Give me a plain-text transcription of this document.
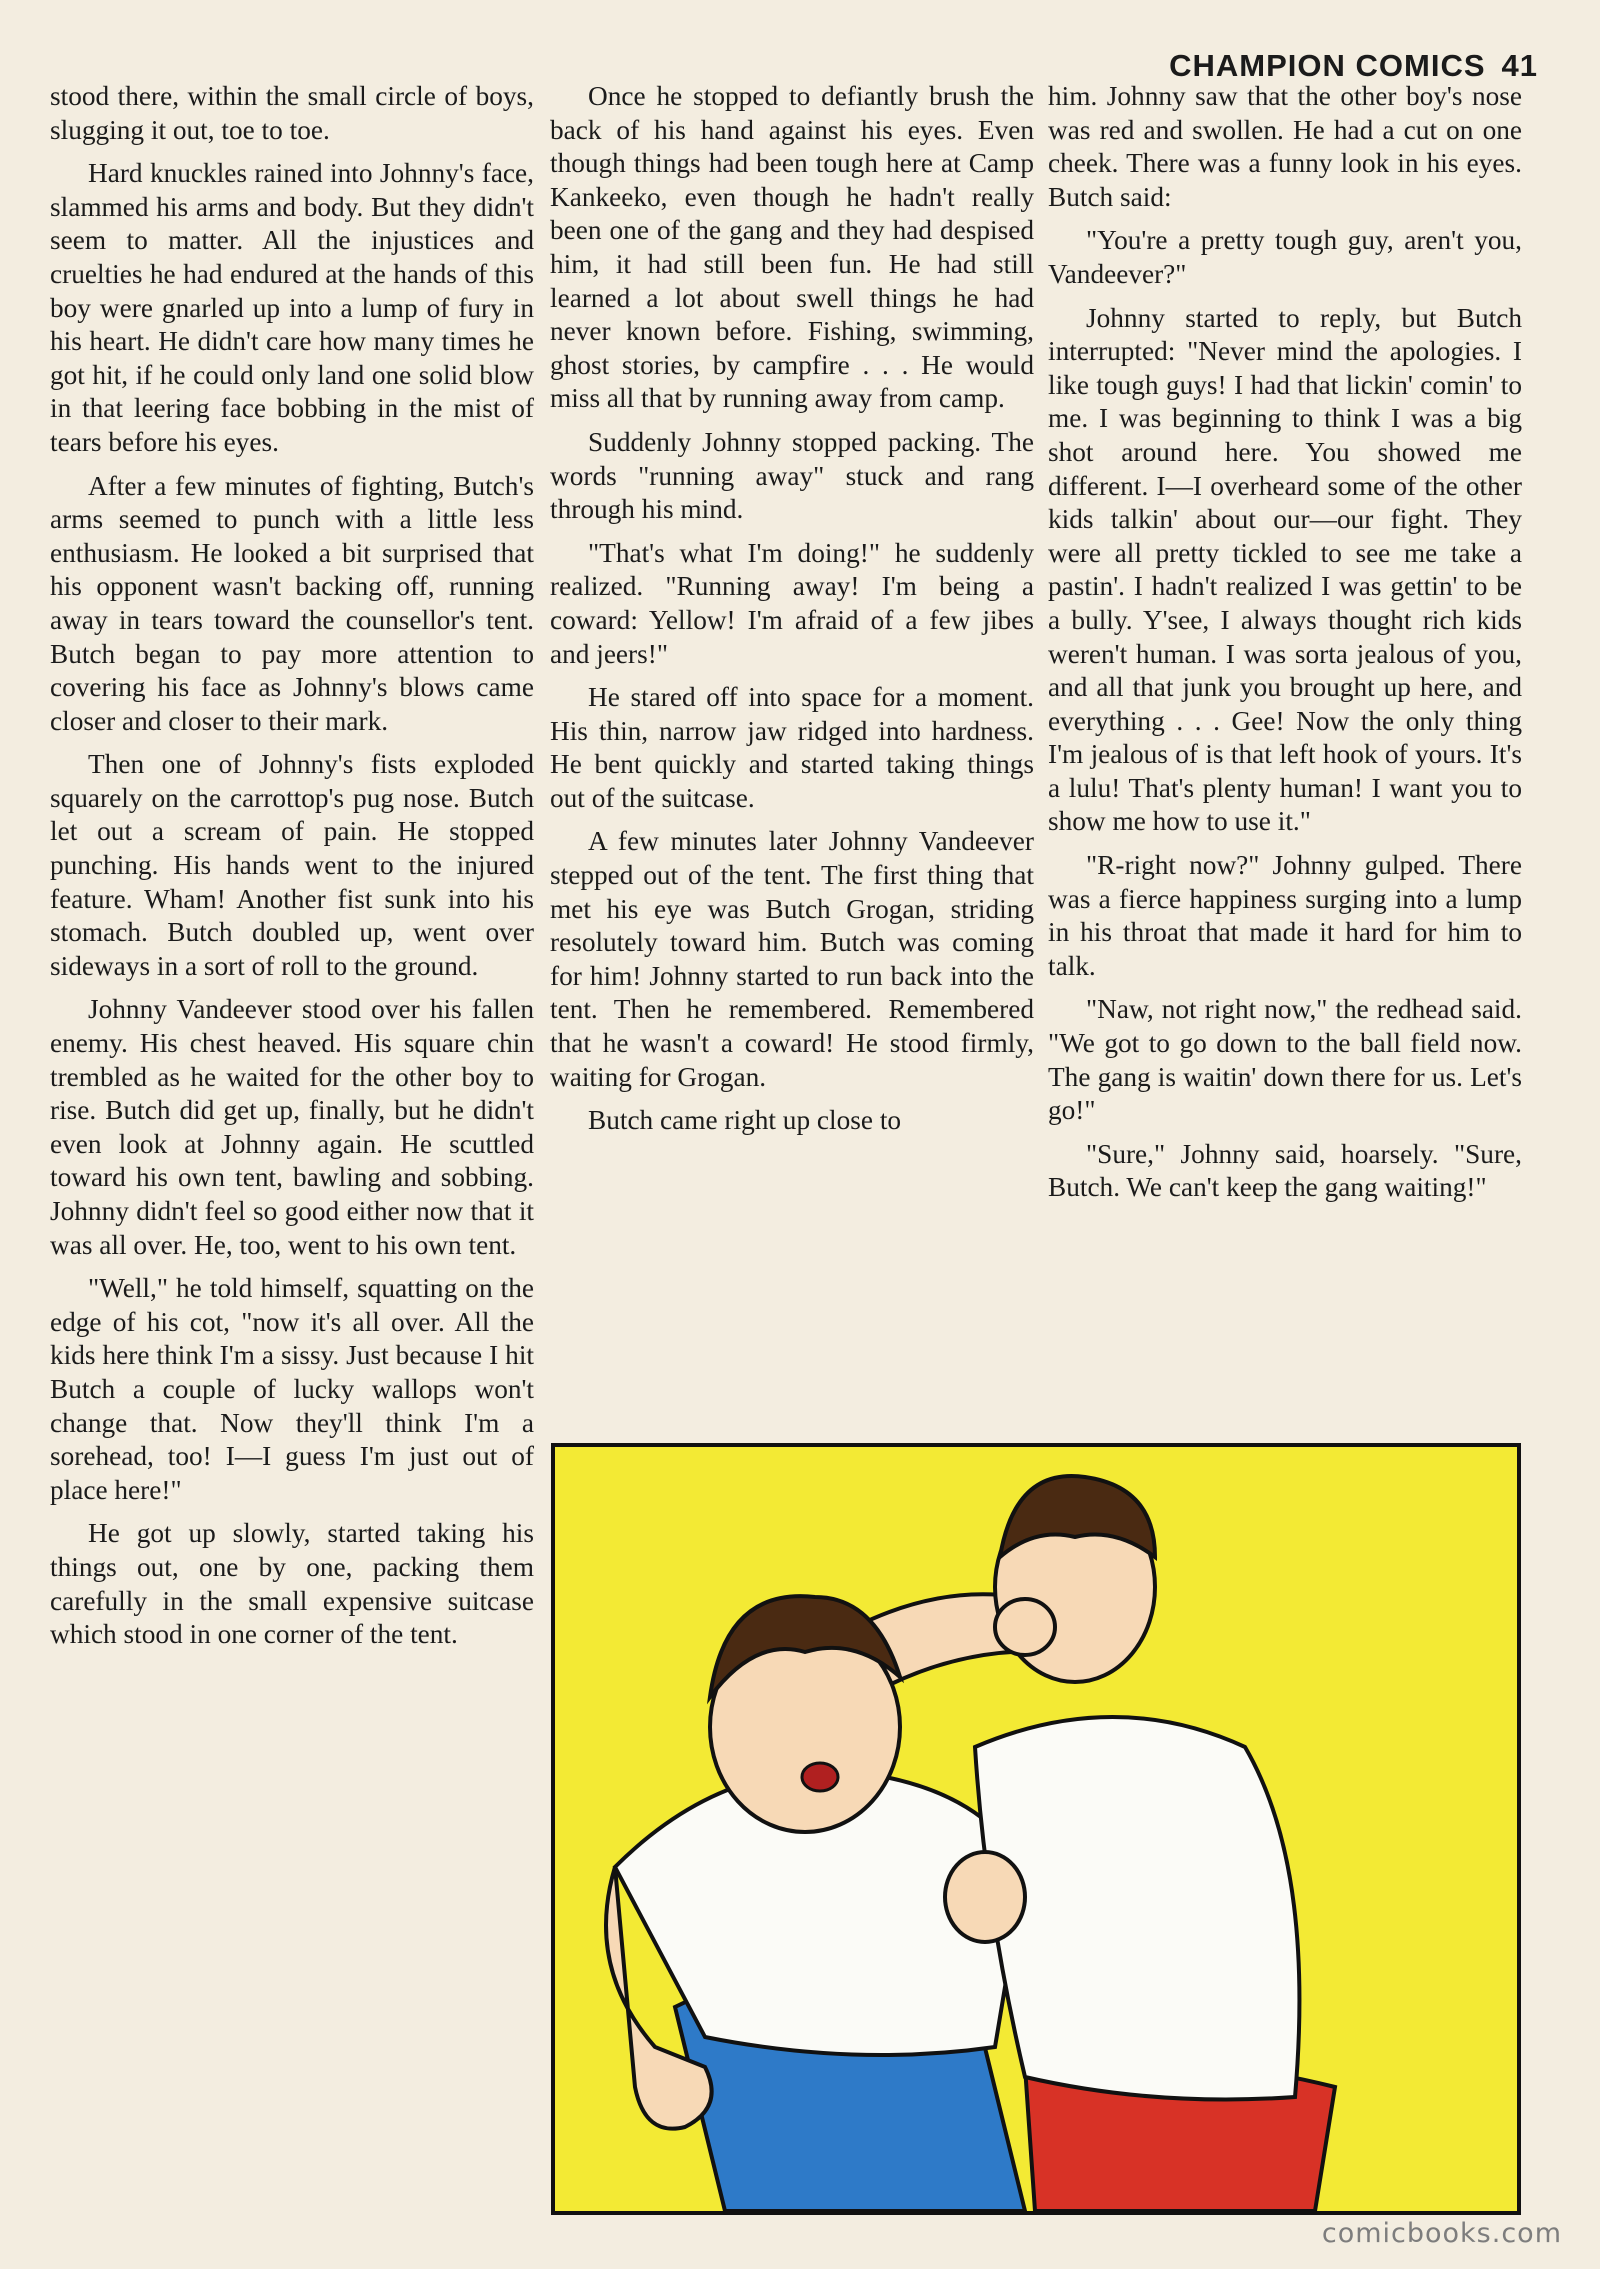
CHAMPION COMICS 41

stood there, within the small circle of boys, slugging it out, toe to toe.

Hard knuckles rained into Johnny's face, slammed his arms and body. But they didn't seem to matter. All the injustices and cruelties he had endured at the hands of this boy were gnarled up into a lump of fury in his heart. He didn't care how many times he got hit, if he could only land one solid blow in that leering face bobbing in the mist of tears before his eyes.

After a few minutes of fighting, Butch's arms seemed to punch with a little less enthusiasm. He looked a bit surprised that his opponent wasn't backing off, running away in tears toward the counsellor's tent. Butch began to pay more attention to covering his face as Johnny's blows came closer and closer to their mark.

Then one of Johnny's fists exploded squarely on the carrottop's pug nose. Butch let out a scream of pain. He stopped punching. His hands went to the injured feature. Wham! Another fist sunk into his stomach. Butch doubled up, went over sideways in a sort of roll to the ground.

Johnny Vandeever stood over his fallen enemy. His chest heaved. His square chin trembled as he waited for the other boy to rise. Butch did get up, finally, but he didn't even look at Johnny again. He scuttled toward his own tent, bawling and sobbing. Johnny didn't feel so good either now that it was all over. He, too, went to his own tent.

"Well," he told himself, squatting on the edge of his cot, "now it's all over. All the kids here think I'm a sissy. Just because I hit Butch a couple of lucky wallops won't change that. Now they'll think I'm a sorehead, too! I—I guess I'm just out of place here!"

He got up slowly, started taking his things out, one by one, packing them carefully in the small expensive suitcase which stood in one corner of the tent.

Once he stopped to defiantly brush the back of his hand against his eyes. Even though things had been tough here at Camp Kankeeko, even though he hadn't really been one of the gang and they had despised him, it had still been fun. He had still learned a lot about swell things he had never known before. Fishing, swimming, ghost stories, by campfire . . . He would miss all that by running away from camp.

Suddenly Johnny stopped packing. The words "running away" stuck and rang through his mind.

"That's what I'm doing!" he suddenly realized. "Running away! I'm being a coward: Yellow! I'm afraid of a few jibes and jeers!"

He stared off into space for a moment. His thin, narrow jaw ridged into hardness. He bent quickly and started taking things out of the suitcase.

A few minutes later Johnny Vandeever stepped out of the tent. The first thing that met his eye was Butch Grogan, striding resolutely toward him. Butch was coming for him! Johnny started to run back into the tent. Then he remembered. Remembered that he wasn't a coward! He stood firmly, waiting for Grogan.

Butch came right up close to

him. Johnny saw that the other boy's nose was red and swollen. He had a cut on one cheek. There was a funny look in his eyes. Butch said:

"You're a pretty tough guy, aren't you, Vandeever?"

Johnny started to reply, but Butch interrupted: "Never mind the apologies. I like tough guys! I had that lickin' comin' to me. I was beginning to think I was a big shot around here. You showed me different. I—I overheard some of the other kids talkin' about our—our fight. They were all pretty tickled to see me take a pastin'. I hadn't realized I was gettin' to be a bully. Y'see, I always thought rich kids weren't human. I was sorta jealous of you, and all that junk you brought up here, and everything . . . Gee! Now the only thing I'm jealous of is that left hook of yours. It's a lulu! That's plenty human! I want you to show me how to use it."

"R-right now?" Johnny gulped. There was a fierce happiness surging into a lump in his throat that made it hard for him to talk.

"Naw, not right now," the redhead said. "We got to go down to the ball field now. The gang is waitin' down there for us. Let's go!"

"Sure," Johnny said, hoarsely. "Sure, Butch. We can't keep the gang waiting!"

comicbooks.com
